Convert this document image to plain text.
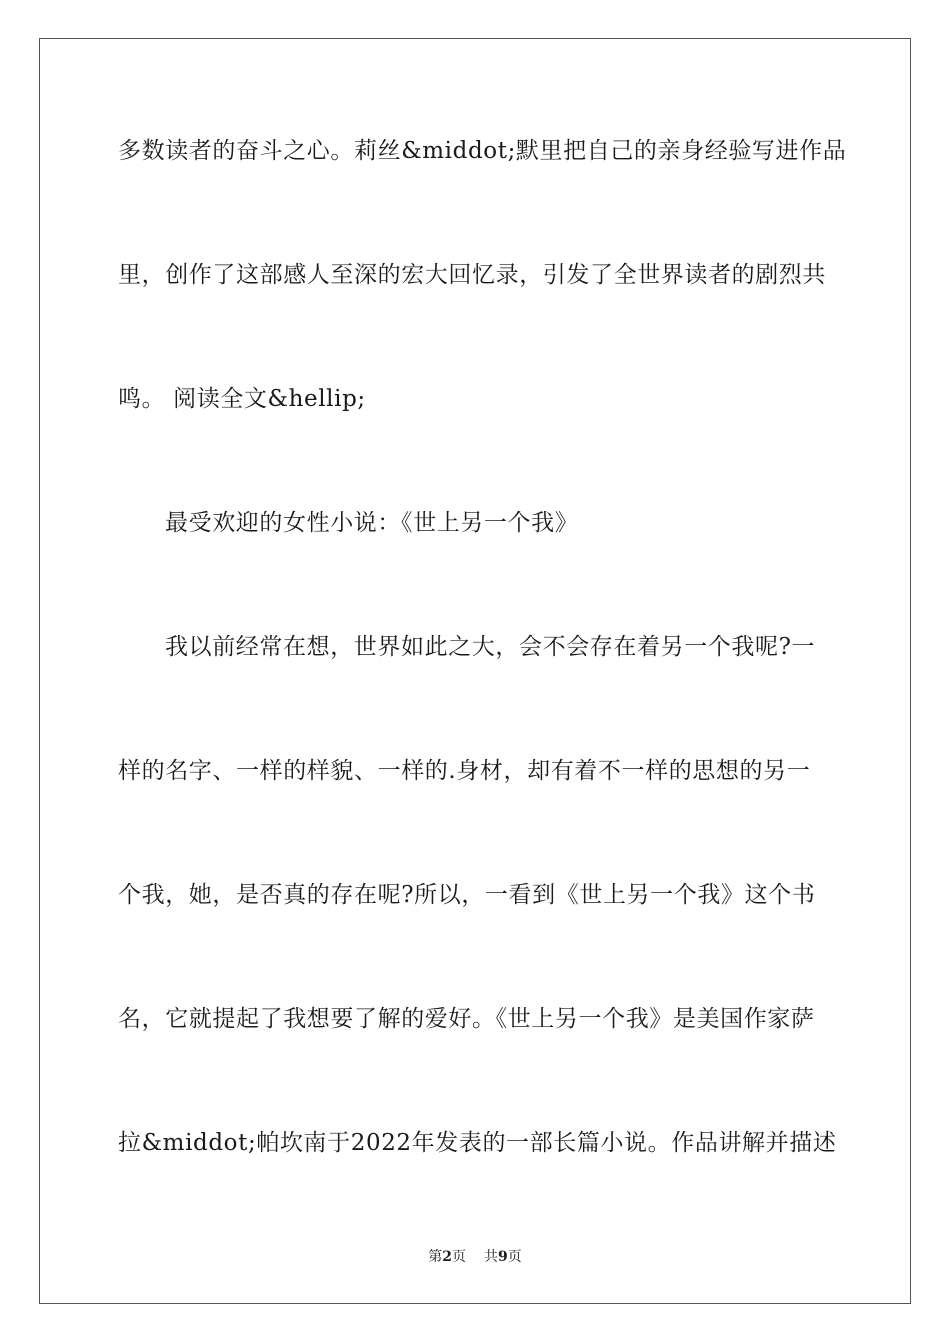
多数读者的奋斗之心。莉丝&middot;默里把自己的亲身经验写进作品
里，创作了这部感人至深的宏大回忆录，引发了全世界读者的剧烈共
鸣。 阅读全文&hellip;
最受欢迎的女性小说：《世上另一个我》
我以前经常在想，世界如此之大，会不会存在着另一个我呢?一
样的名字、一样的样貌、一样的.身材，却有着不一样的思想的另一
个我，她，是否真的存在呢?所以，一看到《世上另一个我》这个书
名，它就提起了我想要了解的爱好。《世上另一个我》是美国作家萨
拉&middot;帕坎南于2022年发表的一部长篇小说。作品讲解并描述
第2页 共9页
